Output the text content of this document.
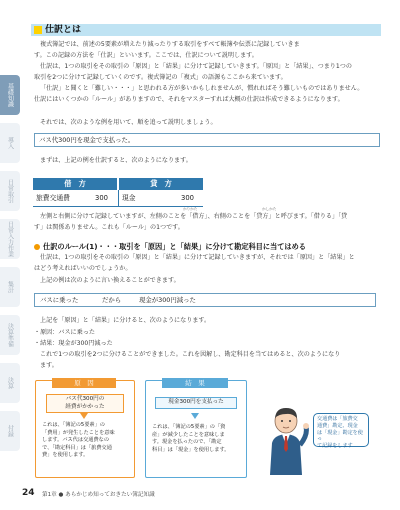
基礎知識
導入
日常取引
日常入力作業
集計
決算準備
決算
付録
仕訳とは
複式簿記では、前述の5要素が増えたり減ったりする取引をすべて帳簿や伝票に記録していきま
す。この記録の方法を「仕訳」といいます。ここでは、仕訳について説明します。
仕訳は、1つの取引をその取引の「原因」と「結果」に分けて記録していきます。「原因」と「結果」、つまり1つの
取引を2つに分けて記録していくのです。複式簿記の「複式」の語源もここから来ています。
「仕訳」と聞くと「難しい・・・」と思われる方が多いかもしれませんが、慣れればそう難しいものではありません。
仕訳にはいくつかの「ルール」がありますので、それをマスターすれば大概の仕訳は作成できるようになります。
それでは、次のような例を用いて、順を追って説明しましょう。
バス代300円を現金で支払った。
まずは、上記の例を仕訳すると、次のようになります。
借　方	貸　方
旅費交通費	300 現金	300
かりかた	かしかた
左側と右側に分けて記録していますが、左側のことを「借方」、右側のことを「貸方」と呼びます。「借りる」「貸
す」は関係ありません。これも「ルール」の1つです。
仕訳のルール(1)・・・取引を「原因」と「結果」に分けて勘定科目に当てはめる
仕訳は、1つの取引をその取引の「原因」と「結果」に分けて記録していきますが、それでは「原因」と「結果」と
はどう考えればいいのでしょうか。
上記の例は次のように言い換えることができます。
バスに乗った	だから	現金が300円減った
上記を「原因」と「結果」に分けると、次のようになります。
・原因：バスに乗った
・結果：現金が300円減った
これで1つの取引を2つに分けることができました。これを図解し、勘定科目を当てはめると、次のようになり
ます。
原　因
バス代300円の
経費がかかった
これは、「簿記の5要素」の
「費用」が発生したことを意味
します。バス代は交通費なの
で、「勘定科目」は「旅費交通
費」を使用します。
結　果
現金300円を支払った
これは、「簿記の5要素」の「資
産」が減少したことを意味しま
す。現金を払ったので、「勘定
科目」は「現金」を使用します。
交通費は「旅費交
通費」勘定、現金
は「現金」勘定を使っ
て記録をします
24 第1章 ● あらかじめ知っておきたい簿記知識
